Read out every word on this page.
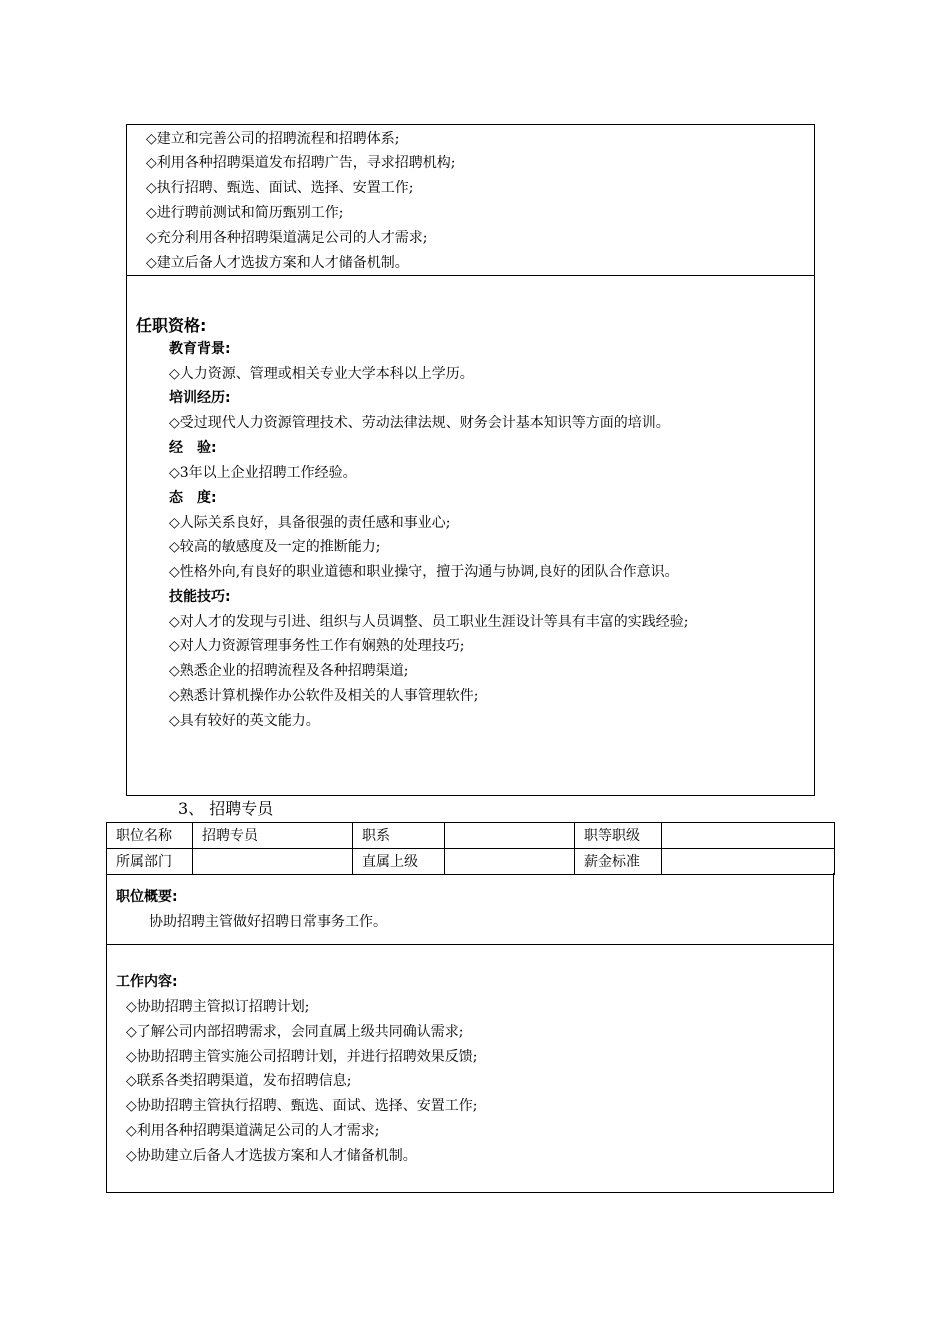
◇建立和完善公司的招聘流程和招聘体系;
◇利用各种招聘渠道发布招聘广告，寻求招聘机构;
◇执行招聘、甄选、面试、选择、安置工作;
◇进行聘前测试和简历甄别工作;
◇充分利用各种招聘渠道满足公司的人才需求;
◇建立后备人才选拔方案和人才储备机制。
任职资格:
教育背景:
◇人力资源、管理或相关专业大学本科以上学历。
培训经历:
◇受过现代人力资源管理技术、劳动法律法规、财务会计基本知识等方面的培训。
经　验:
◇3年以上企业招聘工作经验。
态　度:
◇人际关系良好，具备很强的责任感和事业心;
◇较高的敏感度及一定的推断能力;
◇性格外向,有良好的职业道德和职业操守，擅于沟通与协调,良好的团队合作意识。
技能技巧:
◇对人才的发现与引进、组织与人员调整、员工职业生涯设计等具有丰富的实践经验;
◇对人力资源管理事务性工作有娴熟的处理技巧;
◇熟悉企业的招聘流程及各种招聘渠道;
◇熟悉计算机操作办公软件及相关的人事管理软件;
◇具有较好的英文能力。
3、 招聘专员
职位名称	招聘专员	职系		职等职级	
所属部门		直属上级		薪金标准	
职位概要:
协助招聘主管做好招聘日常事务工作。
工作内容:
◇协助招聘主管拟订招聘计划;
◇了解公司内部招聘需求，会同直属上级共同确认需求;
◇协助招聘主管实施公司招聘计划，并进行招聘效果反馈;
◇联系各类招聘渠道，发布招聘信息;
◇协助招聘主管执行招聘、甄选、面试、选择、安置工作;
◇利用各种招聘渠道满足公司的人才需求;
◇协助建立后备人才选拔方案和人才储备机制。
